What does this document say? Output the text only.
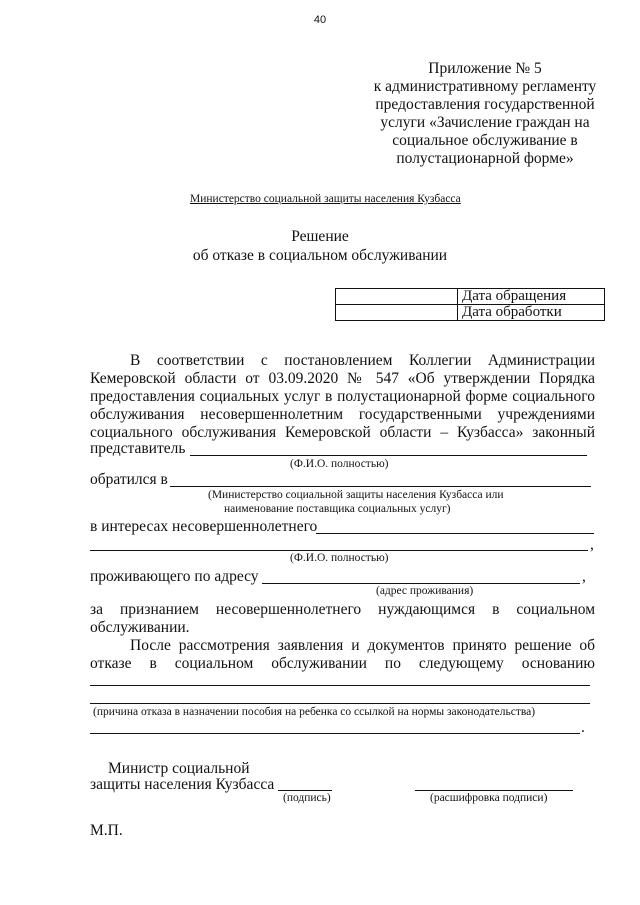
40
Приложение № 5
к административному регламенту
предоставления государственной
услуги «Зачисление граждан на
социальное обслуживание в
полустационарной форме»
Министерство социальной защиты населения Кузбасса
Решение
об отказе в социальном обслуживании
	Дата обращения
	Дата обработки
В соответствии с постановлением Коллегии Администрации
Кемеровской области от 03.09.2020 № 547 «Об утверждении Порядка
предоставления социальных услуг в полустационарной форме социального
обслуживания несовершеннолетним государственными учреждениями
социального обслуживания Кемеровской области – Кузбасса» законный
представитель
(Ф.И.О. полностью)
обратился в
(Министерство социальной защиты населения Кузбасса или
наименование поставщика социальных услуг)
в интересах несовершеннолетнего
,
(Ф.И.О. полностью)
проживающего по адресу	,
(адрес проживания)
за признанием несовершеннолетнего нуждающимся в социальном
обслуживании.
После рассмотрения заявления и документов принято решение об
отказе в социальном обслуживании по следующему основанию
(причина отказа в назначении пособия на ребенка со ссылкой на нормы законодательства)
.
Министр социальной
защиты населения Кузбасса
(подпись)	(расшифровка подписи)
М.П.
